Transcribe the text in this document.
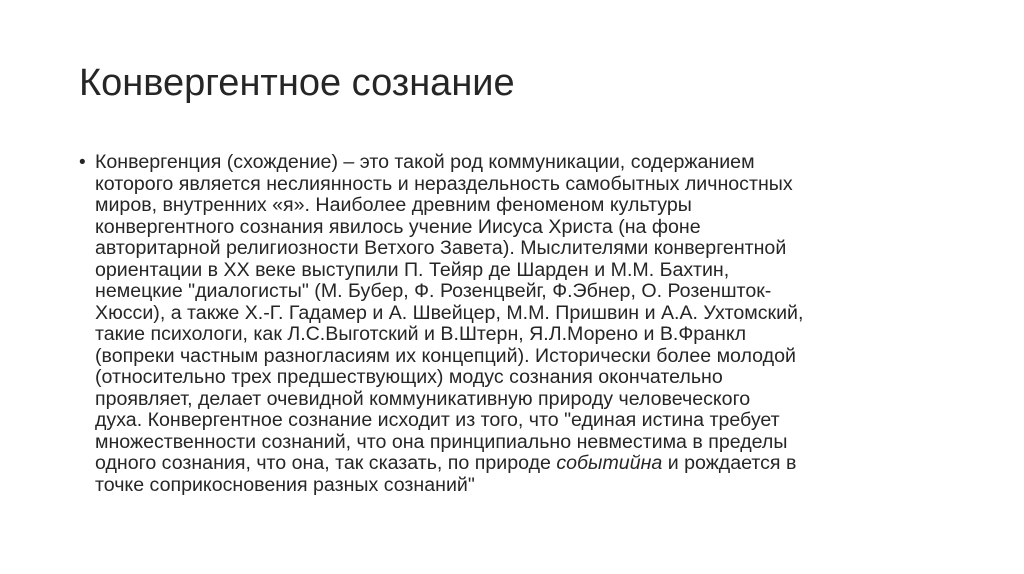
Конвергентное сознание
• Конвергенция (схождение) – это такой род коммуникации, содержанием
которого является неслиянность и нераздельность самобытных личностных
миров, внутренних «я». Наиболее древним феноменом культуры
конвергентного сознания явилось учение Иисуса Христа (на фоне
авторитарной религиозности Ветхого Завета). Мыслителями конвергентной
ориентации в ХХ веке выступили П. Тейяр де Шарден и М.М. Бахтин,
немецкие "диалогисты" (М. Бубер, Ф. Розенцвейг, Ф.Эбнер, О. Розеншток-
Хюсси), а также Х.-Г. Гадамер и А. Швейцер, М.М. Пришвин и А.А. Ухтомский,
такие психологи, как Л.С.Выготский и В.Штерн, Я.Л.Морено и В.Франкл
(вопреки частным разногласиям их концепций). Исторически более молодой
(относительно трех предшествующих) модус сознания окончательно
проявляет, делает очевидной коммуникативную природу человеческого
духа. Конвергентное сознание исходит из того, что "единая истина требует
множественности сознаний, что она принципиально невместима в пределы
одного сознания, что она, так сказать, по природе событийна и рождается в
точке соприкосновения разных сознаний"
